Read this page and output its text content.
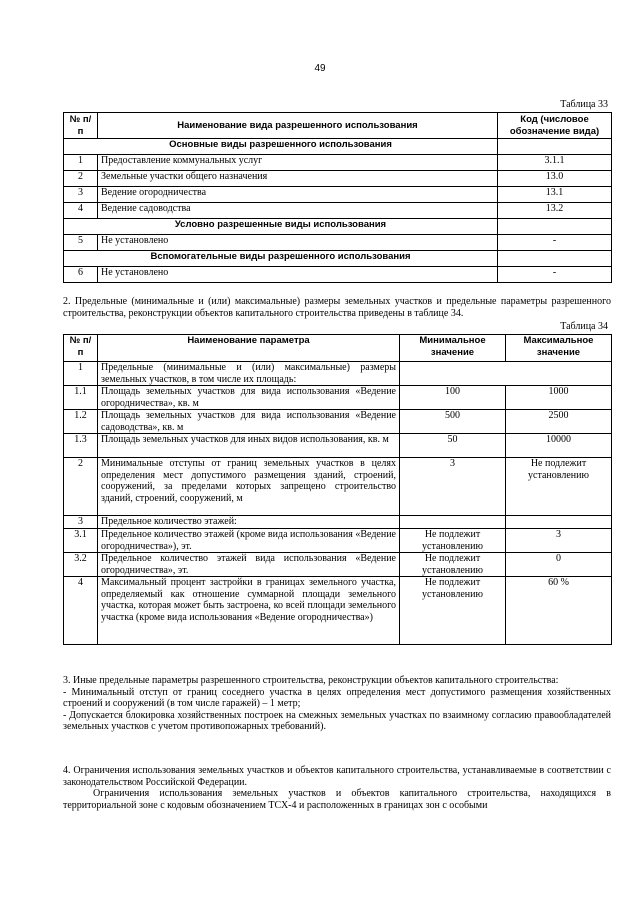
49
Таблица 33
№ п/п	Наименование вида разрешенного использования	Код (числовое обозначение вида)
Основные виды разрешенного использования		
1	Предоставление коммунальных услуг	3.1.1
2	Земельные участки общего назначения	13.0
3	Ведение огородничества	13.1
4	Ведение садоводства	13.2
Условно разрешенные виды использования		
5	Не установлено	-
Вспомогательные виды разрешенного использования		
6	Не установлено	-
2. Предельные (минимальные и (или) максимальные) размеры земельных участков и предельные параметры разрешенного строительства, реконструкции объектов капитального строительства приведены в таблице 34.
Таблица 34
№ п/п	Наименование параметра	Минимальное значение	Максимальное значение
1	Предельные (минимальные и (или) максимальные) размеры земельных участков, в том числе их площадь:		
1.1	Площадь земельных участков для вида использования «Ведение огородничества», кв. м	100	1000
1.2	Площадь земельных участков для вида использования «Ведение садоводства», кв. м	500	2500
1.3	Площадь земельных участков для иных видов использования, кв. м	50	10000
2	Минимальные отступы от границ земельных участков в целях определения мест допустимого размещения зданий, строений, сооружений, за пределами которых запрещено строительство зданий, строений, сооружений, м	3	Не подлежит установлению
3	Предельное количество этажей:		
3.1	Предельное количество этажей (кроме вида использования «Ведение огородничества»), эт.	Не подлежит установлению	3
3.2	Предельное количество этажей вида использования «Ведение огородничества», эт.	Не подлежит установлению	0
4	Максимальный процент застройки в границах земельного участка, определяемый как отношение суммарной площади земельного участка, которая может быть застроена, ко всей площади земельного участка (кроме вида использования «Ведение огородничества»)	Не подлежит установлению	60 %

3. Иные предельные параметры разрешенного строительства, реконструкции объектов капитального строительства:

- Минимальный отступ от границ соседнего участка в целях определения мест допустимого размещения хозяйственных строений и сооружений (в том числе гаражей) – 1 метр;

- Допускается блокировка хозяйственных построек на смежных земельных участках по взаимному согласию правообладателей земельных участков с учетом противопожарных требований).

4. Ограничения использования земельных участков и объектов капитального строительства, устанавливаемые в соответствии с законодательством Российской Федерации.

Ограничения использования земельных участков и объектов капитального строительства, находящихся в территориальной зоне с кодовым обозначением ТСХ-4 и расположенных в границах зон с особыми
